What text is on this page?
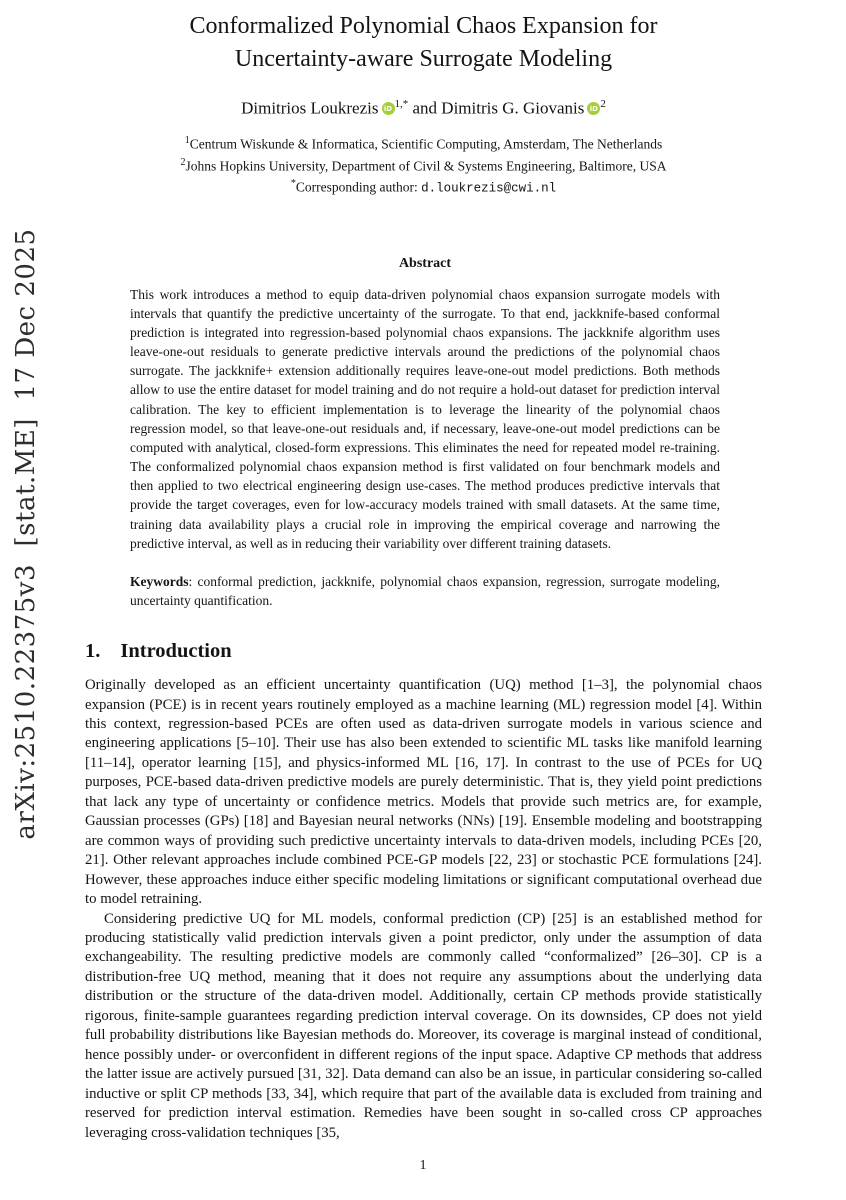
arXiv:2510.22375v3  [stat.ME]  17 Dec 2025
Conformalized Polynomial Chaos Expansion for
Uncertainty-aware Surrogate Modeling
Dimitrios Loukrezis iD $^{1,*}$ and Dimitris G. Giovanis iD $^2$
$^1$Centrum Wiskunde & Informatica, Scientific Computing, Amsterdam, The Netherlands
$^2$Johns Hopkins University, Department of Civil & Systems Engineering, Baltimore, USA
*Corresponding author: d.loukrezis@cwi.nl
Abstract
This work introduces a method to equip data-driven polynomial chaos expansion surrogate models with intervals that quantify the predictive uncertainty of the surrogate. To that end, jackknife-based conformal prediction is integrated into regression-based polynomial chaos expansions. The jackknife algorithm uses leave-one-out residuals to generate predictive intervals around the predictions of the polynomial chaos surrogate. The jackknife+ extension additionally requires leave-one-out model predictions. Both methods allow to use the entire dataset for model training and do not require a hold-out dataset for prediction interval calibration. The key to efficient implementation is to leverage the linearity of the polynomial chaos regression model, so that leave-one-out residuals and, if necessary, leave-one-out model predictions can be computed with analytical, closed-form expressions. This eliminates the need for repeated model re-training. The conformalized polynomial chaos expansion method is first validated on four benchmark models and then applied to two electrical engineering design use-cases. The method produces predictive intervals that provide the target coverages, even for low-accuracy models trained with small datasets. At the same time, training data availability plays a crucial role in improving the empirical coverage and narrowing the predictive interval, as well as in reducing their variability over different training datasets.
Keywords: conformal prediction, jackknife, polynomial chaos expansion, regression, surrogate modeling, uncertainty quantification.
1. Introduction
Originally developed as an efficient uncertainty quantification (UQ) method [1–3], the polynomial chaos expansion (PCE) is in recent years routinely employed as a machine learning (ML) regression model [4]. Within this context, regression-based PCEs are often used as data-driven surrogate models in various science and engineering applications [5–10]. Their use has also been extended to scientific ML tasks like manifold learning [11–14], operator learning [15], and physics-informed ML [16, 17]. In contrast to the use of PCEs for UQ purposes, PCE-based data-driven predictive models are purely deterministic. That is, they yield point predictions that lack any type of uncertainty or confidence metrics. Models that provide such metrics are, for example, Gaussian processes (GPs) [18] and Bayesian neural networks (NNs) [19]. Ensemble modeling and bootstrapping are common ways of providing such predictive uncertainty intervals to data-driven models, including PCEs [20, 21]. Other relevant approaches include combined PCE-GP models [22, 23] or stochastic PCE formulations [24]. However, these approaches induce either specific modeling limitations or significant computational overhead due to model retraining.
Considering predictive UQ for ML models, conformal prediction (CP) [25] is an established method for producing statistically valid prediction intervals given a point predictor, only under the assumption of data exchangeability. The resulting predictive models are commonly called “conformalized” [26–30]. CP is a distribution-free UQ method, meaning that it does not require any assumptions about the underlying data distribution or the structure of the data-driven model. Additionally, certain CP methods provide statistically rigorous, finite-sample guarantees regarding prediction interval coverage. On its downsides, CP does not yield full probability distributions like Bayesian methods do. Moreover, its coverage is marginal instead of conditional, hence possibly under- or overconfident in different regions of the input space. Adaptive CP methods that address the latter issue are actively pursued [31, 32]. Data demand can also be an issue, in particular considering so-called inductive or split CP methods [33, 34], which require that part of the available data is excluded from training and reserved for prediction interval estimation. Remedies have been sought in so-called cross CP approaches leveraging cross-validation techniques [35,
1
